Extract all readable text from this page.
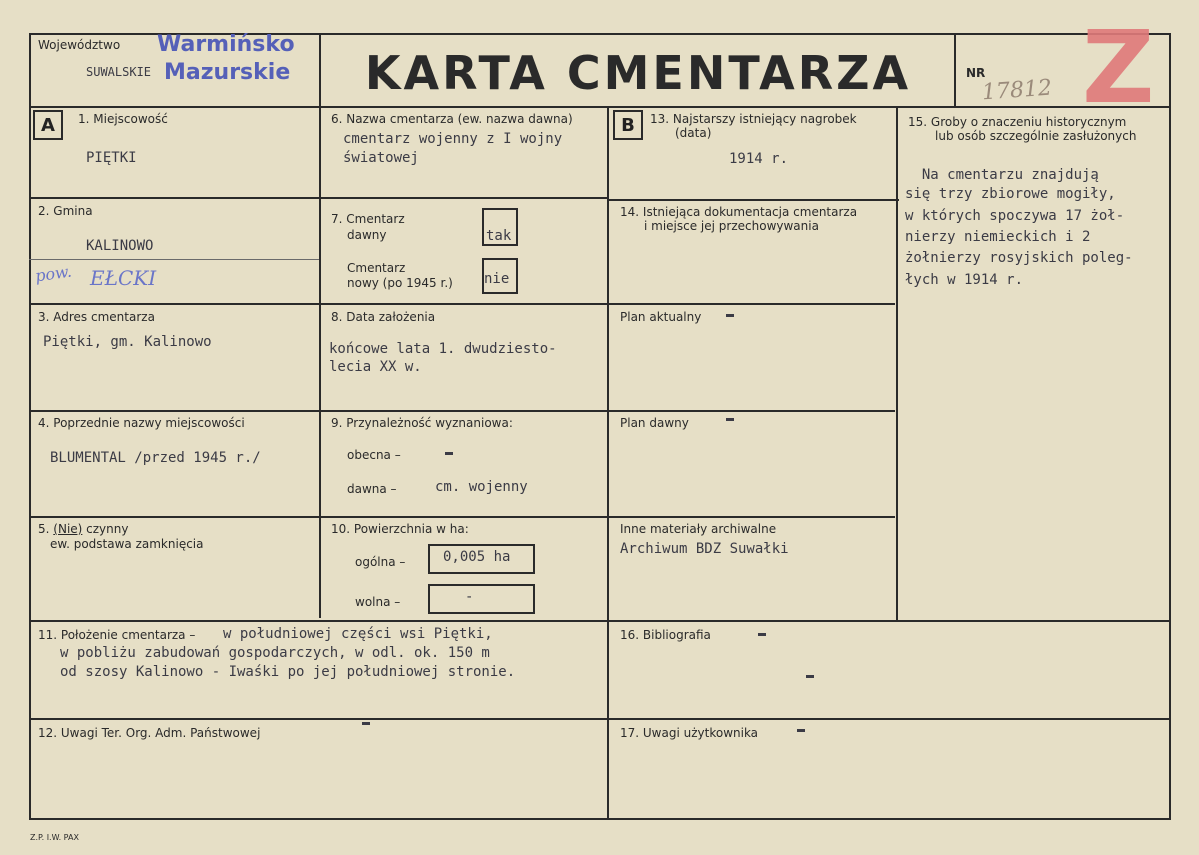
Województwo
SUWALSKIE
Warmińsko
Mazurskie	KARTA CMENTARZA	NR
17812 Z
A	B
1. Miejscowość
PIĘTKI
2. Gmina
KALINOWO
pow. EŁCKI
3. Adres cmentarza
Piętki, gm. Kalinowo
4. Poprzednie nazwy miejscowości
BLUMENTAL /przed 1945 r./
5. (Nie) czynny
ew. podstawa zamknięcia
6. Nazwa cmentarza (ew. nazwa dawna)
cmentarz wojenny z I wojny
światowej
7. Cmentarz
dawny	tak
Cmentarz
nowy (po 1945 r.) nie
8. Data założenia
końcowe lata 1. dwudziesto-
lecia XX w.
9. Przynależność wyznaniowa:
obecna –
dawna –	cm. wojenny
10. Powierzchnia w ha:
ogólna –	0,005 ha
wolna –	-
11. Położenie cmentarza – w południowej części wsi Piętki,
w pobliżu zabudowań gospodarczych, w odl. ok. 150 m
od szosy Kalinowo - Iwaśki po jej południowej stronie.
12. Uwagi Ter. Org. Adm. Państwowej
13. Najstarszy istniejący nagrobek
(data)
1914 r.
14. Istniejąca dokumentacja cmentarza
i miejsce jej przechowywania
Plan aktualny
Plan dawny
Inne materiały archiwalne
Archiwum BDZ Suwałki
15. Groby o znaczeniu historycznym
lub osób szczególnie zasłużonych
Na cmentarzu znajdują
się trzy zbiorowe mogiły,
w których spoczywa 17 żoł-
nierzy niemieckich i 2
żołnierzy rosyjskich poleg-
łych w 1914 r.
16. Bibliografia
17. Uwagi użytkownika
Z.P. I.W. PAX
